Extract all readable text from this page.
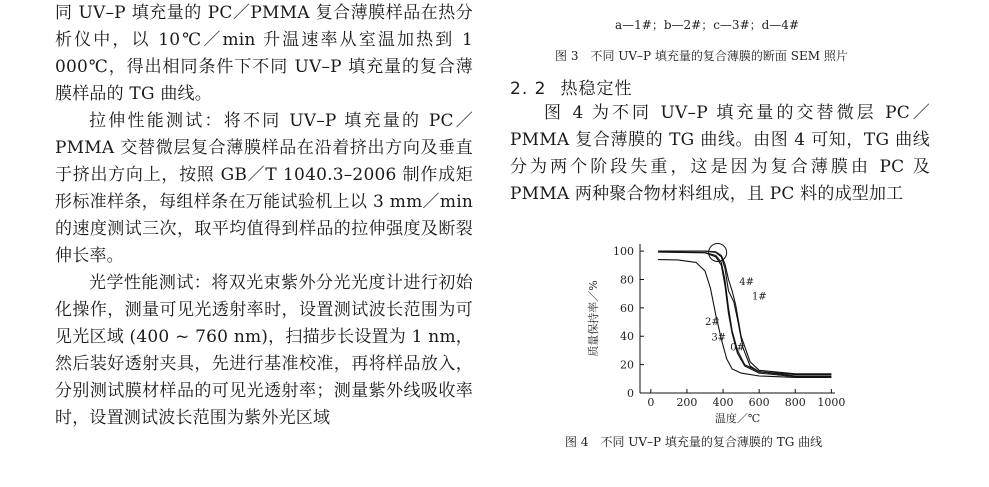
同 UV–P 填充量的 PC／PMMA 复合薄膜样品在热分析仪中，以 10℃／min 升温速率从室温加热到 1 000℃，得出相同条件下不同 UV–P 填充量的复合薄膜样品的 TG 曲线。

拉伸性能测试：将不同 UV–P 填充量的 PC／PMMA 交替微层复合薄膜样品在沿着挤出方向及垂直于挤出方向上，按照 GB／T 1040.3–2006 制作成矩形标准样条，每组样条在万能试验机上以 3 mm／min 的速度测试三次，取平均值得到样品的拉伸强度及断裂伸长率。

光学性能测试：将双光束紫外分光光度计进行初始化操作，测量可见光透射率时，设置测试波长范围为可见光区域 (400 ~ 760 nm)，扫描步长设置为 1 nm，然后装好透射夹具，先进行基准校准，再将样品放入，分别测试膜材样品的可见光透射率；测量紫外线吸收率时，设置测试波长范围为紫外光区域

a—1#；b—2#；c—3#；d—4#
图 3　不同 UV–P 填充量的复合薄膜的断面 SEM 照片
2. 2 热稳定性

图 4 为不同 UV–P 填充量的交替微层 PC／PMMA 复合薄膜的 TG 曲线。由图 4 可知，TG 曲线分为两个阶段失重，这是因为复合薄膜由 PC 及 PMMA 两种聚合物材料组成，且 PC 料的成型加工

0 200 400 600 800 1000
0
20
40
60
80
100
4#
1#
2#
3#
0#
质量保持率／%
温度／℃
图 4　不同 UV–P 填充量的复合薄膜的 TG 曲线
